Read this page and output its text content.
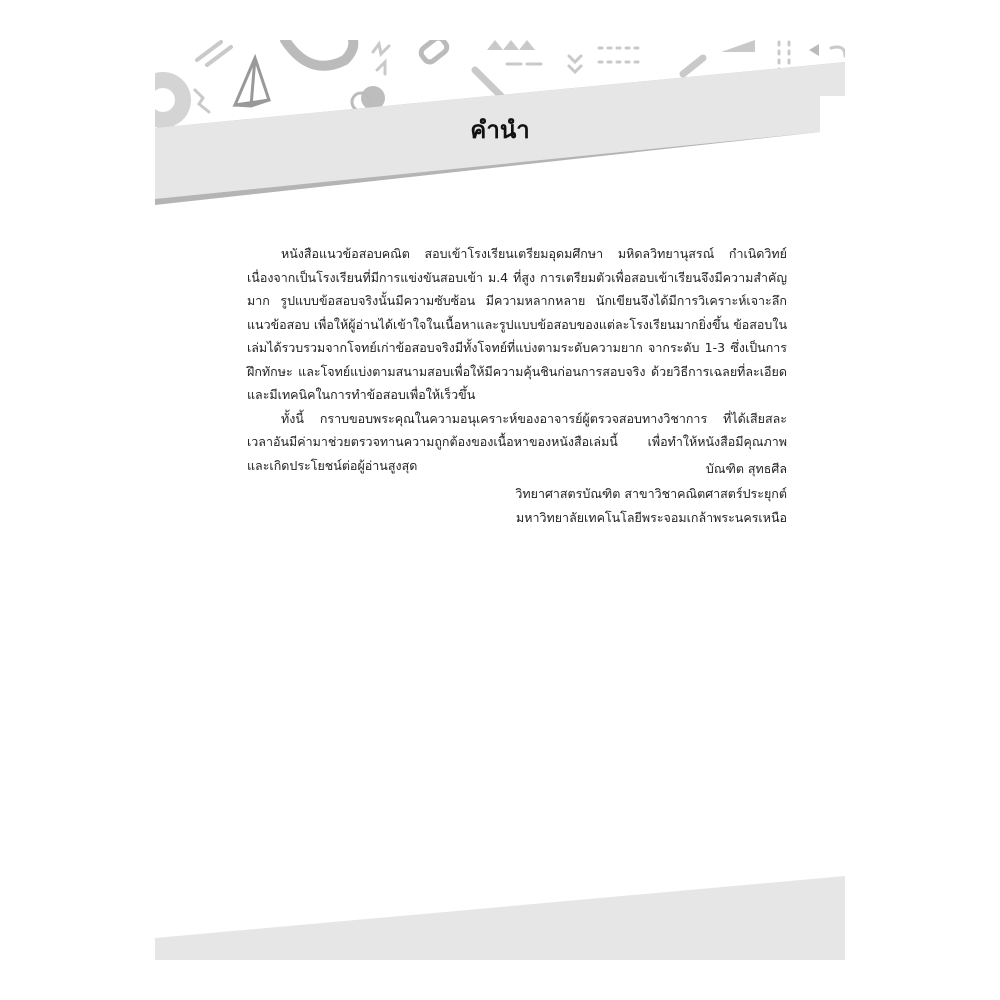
คำนำ

หนังสือแนวข้อสอบคณิต สอบเข้าโรงเรียนเตรียมอุดมศึกษา มหิดลวิทยานุสรณ์ กำเนิดวิทย์ เนื่องจากเป็นโรงเรียนที่มีการแข่งขันสอบเข้า ม.4 ที่สูง การเตรียมตัวเพื่อสอบเข้าเรียนจึงมีความสำคัญมาก รูปแบบข้อสอบจริงนั้นมีความซับซ้อน มีความหลากหลาย นักเขียนจึงได้มีการวิเคราะห์เจาะลึกแนวข้อสอบ เพื่อให้ผู้อ่านได้เข้าใจในเนื้อหาและรูปแบบข้อสอบของแต่ละโรงเรียนมากยิ่งขึ้น ข้อสอบในเล่มได้รวบรวมจากโจทย์เก่าข้อสอบจริงมีทั้งโจทย์ที่แบ่งตามระดับความยาก จากระดับ 1-3 ซึ่งเป็นการฝึกทักษะ และโจทย์แบ่งตามสนามสอบเพื่อให้มีความคุ้นชินก่อนการสอบจริง ด้วยวิธีการเฉลยที่ละเอียดและมีเทคนิคในการทำข้อสอบเพื่อให้เร็วขึ้น

ทั้งนี้ กราบขอบพระคุณในความอนุเคราะห์ของอาจารย์ผู้ตรวจสอบทางวิชาการ ที่ได้เสียสละเวลาอันมีค่ามาช่วยตรวจทานความถูกต้องของเนื้อหาของหนังสือเล่มนี้ เพื่อทำให้หนังสือมีคุณภาพ และเกิดประโยชน์ต่อผู้อ่านสูงสุด	บัณฑิต สุทธศีล
วิทยาศาสตรบัณฑิต สาขาวิชาคณิตศาสตร์ประยุกต์
มหาวิทยาลัยเทคโนโลยีพระจอมเกล้าพระนครเหนือ
